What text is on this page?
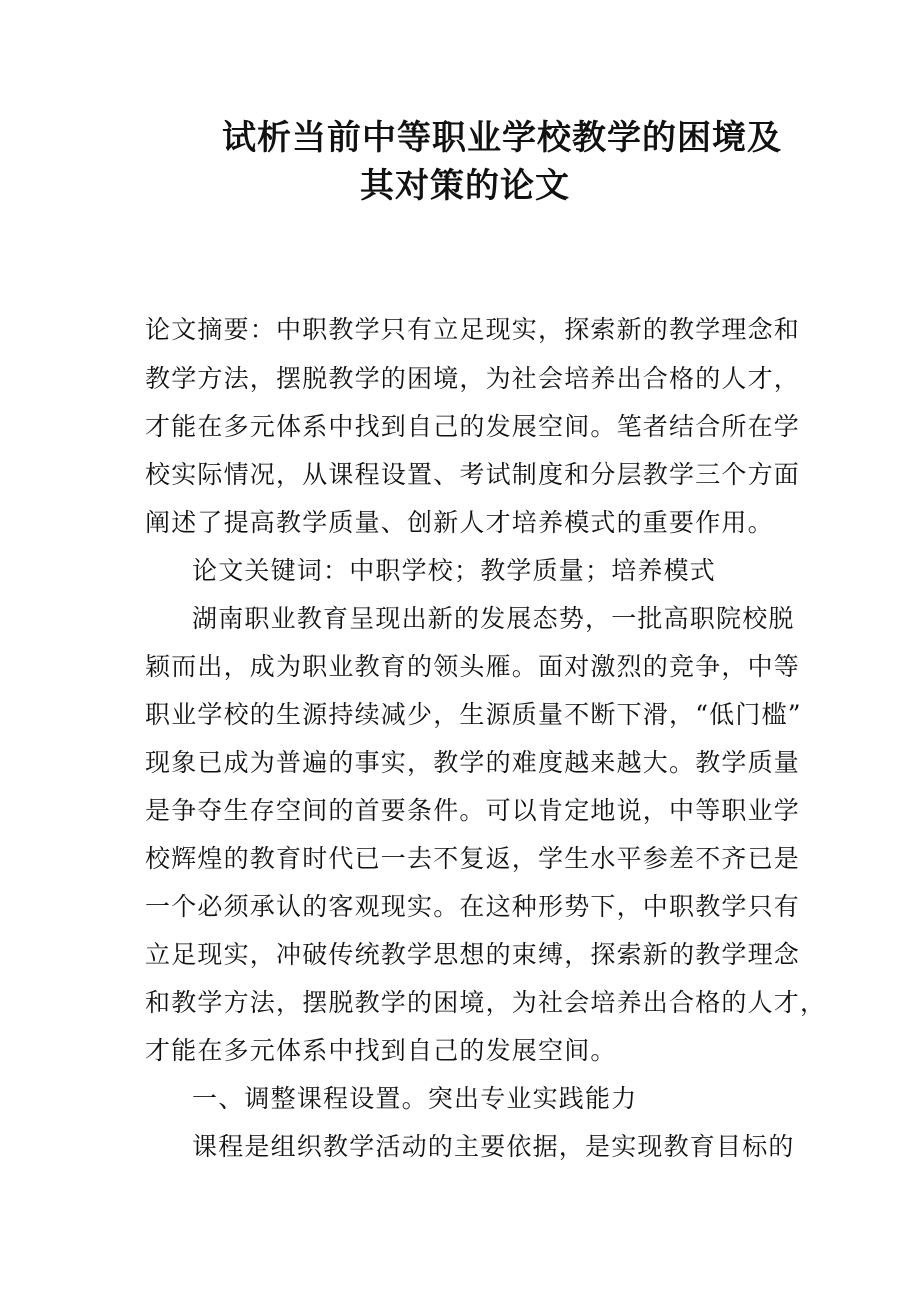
试析当前中等职业学校教学的困境及
其对策的论文
论文摘要：中职教学只有立足现实，探索新的教学理念和
教学方法，摆脱教学的困境，为社会培养出合格的人才，
才能在多元体系中找到自己的发展空间。笔者结合所在学
校实际情况，从课程设置、考试制度和分层教学三个方面
阐述了提高教学质量、创新人才培养模式的重要作用。
论文关键词：中职学校；教学质量；培养模式
湖南职业教育呈现出新的发展态势，一批高职院校脱
颖而出，成为职业教育的领头雁。面对激烈的竞争，中等
职业学校的生源持续减少，生源质量不断下滑，“低门槛”
现象已成为普遍的事实，教学的难度越来越大。教学质量
是争夺生存空间的首要条件。可以肯定地说，中等职业学
校辉煌的教育时代已一去不复返，学生水平参差不齐已是
一个必须承认的客观现实。在这种形势下，中职教学只有
立足现实，冲破传统教学思想的束缚，探索新的教学理念
和教学方法，摆脱教学的困境，为社会培养出合格的人才，
才能在多元体系中找到自己的发展空间。
一、调整课程设置。突出专业实践能力
课程是组织教学活动的主要依据，是实现教育目标的
